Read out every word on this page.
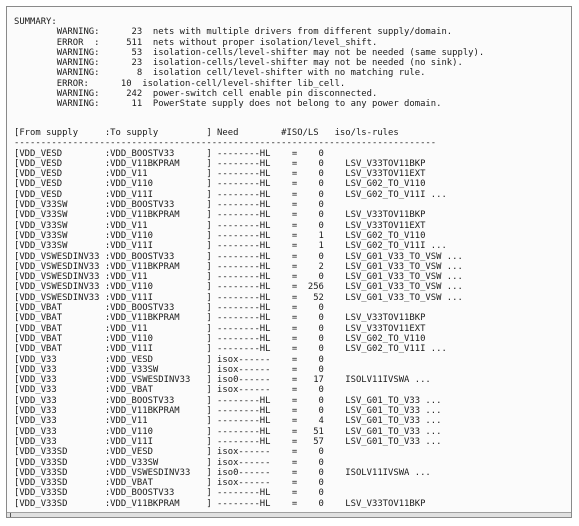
SUMMARY:
WARNING:      23  nets with multiple drivers from different supply/domain.
ERROR  :     511  nets without proper isolation/level_shift.
WARNING:      53  isolation-cells/level-shifter may not be needed (same supply).
WARNING:      23  isolation-cells/level-shifter may not be needed (no sink).
WARNING:       8  isolation cell/level-shifter with no matching rule.
ERROR:      10  isolation-cell/level-shifter lib_cell.
WARNING:     242  power-switch cell enable pin disconnected.
WARNING:      11  PowerState supply does not belong to any power domain.
[From supply     :To supply         ] Need        #ISO/LS   iso/ls-rules
-------------------------------------------------------------------------------
[VDD_VESD        :VDD_BOOSTV33      ] --------HL    =    0
[VDD_VESD        :VDD_V11BKPRAM     ] --------HL    =    0    LSV_V33TOV11BKP
[VDD_VESD        :VDD_V11           ] --------HL    =    0    LSV_V33TOV11EXT
[VDD_VESD        :VDD_V110          ] --------HL    =    0    LSV_G02_TO_V110
[VDD_VESD        :VDD_V11I          ] --------HL    =    0    LSV_G02_TO_V11I ...
[VDD_V33SW       :VDD_BOOSTV33      ] --------HL    =    0
[VDD_V33SW       :VDD_V11BKPRAM     ] --------HL    =    0    LSV_V33TOV11BKP
[VDD_V33SW       :VDD_V11           ] --------HL    =    0    LSV_V33TOV11EXT
[VDD_V33SW       :VDD_V110          ] --------HL    =    1    LSV_G02_TO_V110
[VDD_V33SW       :VDD_V11I          ] --------HL    =    1    LSV_G02_TO_V11I ...
[VDD_VSWESDINV33 :VDD_BOOSTV33      ] --------HL    =    0    LSV_G01_V33_TO_VSW ...
[VDD_VSWESDINV33 :VDD_V11BKPRAM     ] --------HL    =    2    LSV_G01_V33_TO_VSW ...
[VDD_VSWESDINV33 :VDD_V11           ] --------HL    =    0    LSV_G01_V33_TO_VSW ...
[VDD_VSWESDINV33 :VDD_V110          ] --------HL    =  256    LSV_G01_V33_TO_VSW ...
[VDD_VSWESDINV33 :VDD_V11I          ] --------HL    =   52    LSV_G01_V33_TO_VSW ...
[VDD_VBAT        :VDD_BOOSTV33      ] --------HL    =    0
[VDD_VBAT        :VDD_V11BKPRAM     ] --------HL    =    0    LSV_V33TOV11BKP
[VDD_VBAT        :VDD_V11           ] --------HL    =    0    LSV_V33TOV11EXT
[VDD_VBAT        :VDD_V110          ] --------HL    =    0    LSV_G02_TO_V110
[VDD_VBAT        :VDD_V11I          ] --------HL    =    0    LSV_G02_TO_V11I ...
[VDD_V33         :VDD_VESD          ] isox------    =    0
[VDD_V33         :VDD_V33SW         ] isox------    =    0
[VDD_V33         :VDD_VSWESDINV33   ] iso0------    =   17    ISOLV11IVSWA ...
[VDD_V33         :VDD_VBAT          ] isox------    =    0
[VDD_V33         :VDD_BOOSTV33      ] --------HL    =    0    LSV_G01_TO_V33 ...
[VDD_V33         :VDD_V11BKPRAM     ] --------HL    =    0    LSV_G01_TO_V33 ...
[VDD_V33         :VDD_V11           ] --------HL    =    4    LSV_G01_TO_V33 ...
[VDD_V33         :VDD_V110          ] --------HL    =   51    LSV_G01_TO_V33 ...
[VDD_V33         :VDD_V11I          ] --------HL    =   57    LSV_G01_TO_V33 ...
[VDD_V33SD       :VDD_VESD          ] isox------    =    0
[VDD_V33SD       :VDD_V33SW         ] isox------    =    0
[VDD_V33SD       :VDD_VSWESDINV33   ] iso0------    =    0    ISOLV11IVSWA ...
[VDD_V33SD       :VDD_VBAT          ] isox------    =    0
[VDD_V33SD       :VDD_BOOSTV33      ] --------HL    =    0
[VDD_V33SD       :VDD_V11BKPRAM     ] --------HL    =    0    LSV_V33TOV11BKP
